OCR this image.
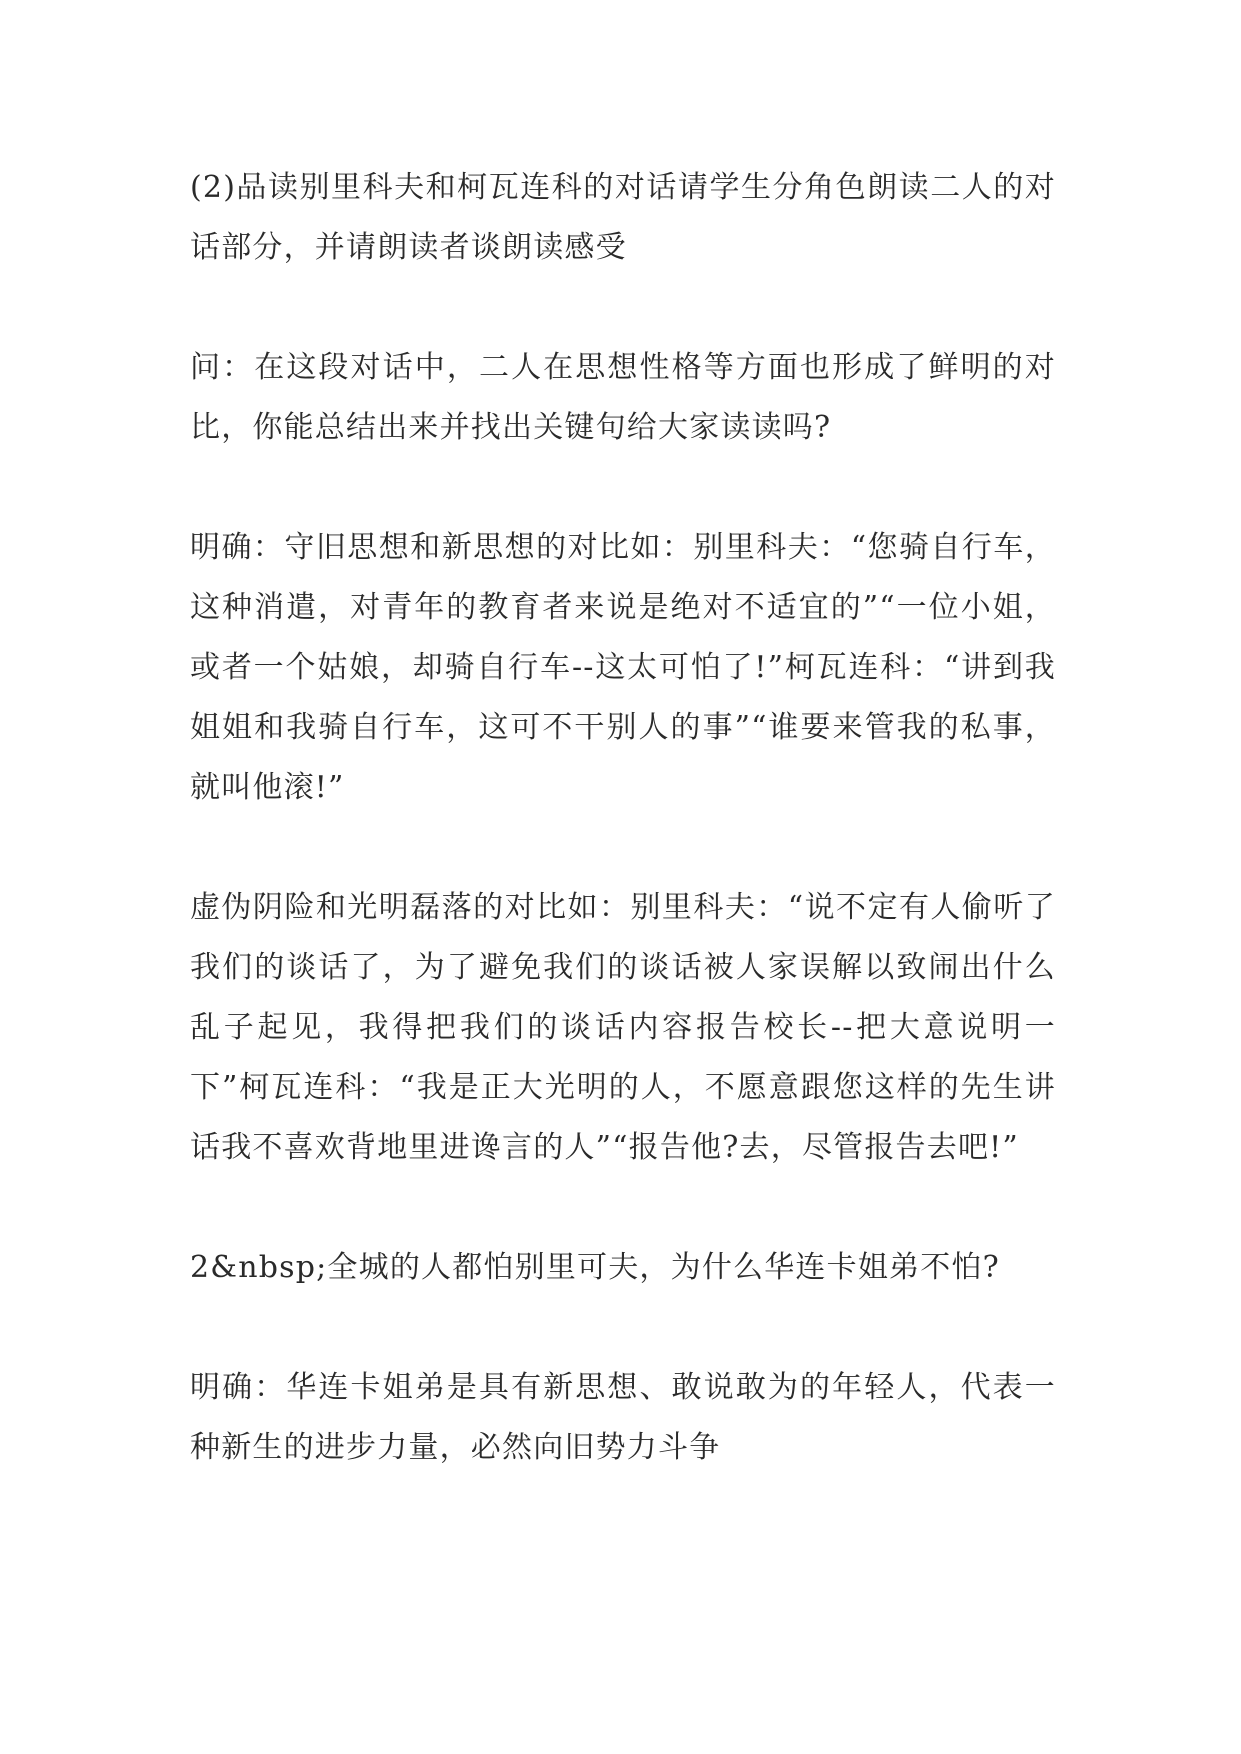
(2)品读别里科夫和柯瓦连科的对话请学生分角色朗读二人的对话部分，并请朗读者谈朗读感受

问：在这段对话中，二人在思想性格等方面也形成了鲜明的对比，你能总结出来并找出关键句给大家读读吗?

明确：守旧思想和新思想的对比如：别里科夫：“您骑自行车，这种消遣，对青年的教育者来说是绝对不适宜的”“一位小姐，或者一个姑娘，却骑自行车--这太可怕了!”柯瓦连科：“讲到我姐姐和我骑自行车，这可不干别人的事”“谁要来管我的私事，就叫他滚!”

虚伪阴险和光明磊落的对比如：别里科夫：“说不定有人偷听了我们的谈话了，为了避免我们的谈话被人家误解以致闹出什么乱子起见，我得把我们的谈话内容报告校长--把大意说明一下”柯瓦连科：“我是正大光明的人，不愿意跟您这样的先生讲话我不喜欢背地里进谗言的人”“报告他?去，尽管报告去吧!”

2&nbsp;全城的人都怕别里可夫，为什么华连卡姐弟不怕?

明确：华连卡姐弟是具有新思想、敢说敢为的年轻人，代表一种新生的进步力量，必然向旧势力斗争
